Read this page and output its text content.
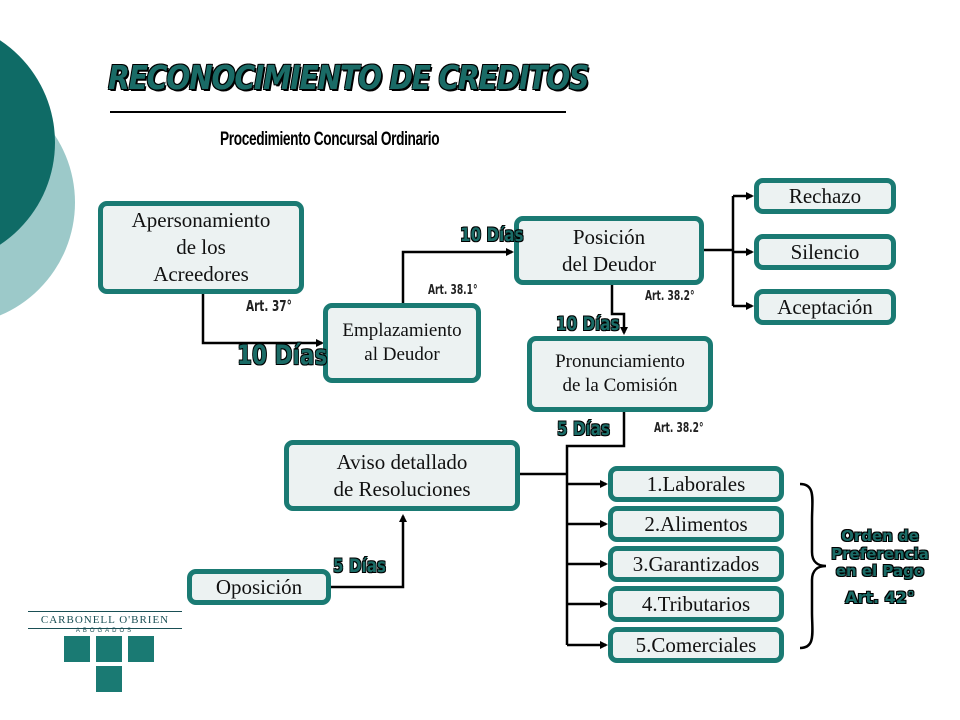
RECONOCIMIENTO DE CREDITOS
Procedimiento Concursal Ordinario
Apersonamiento
de los
Acreedores
Emplazamiento
al Deudor
Posición
del Deudor
Pronunciamiento
de la Comisión
Rechazo
Silencio
Aceptación
Aviso detallado
de Resoluciones
Oposición
1.Laborales
2.Alimentos
3.Garantizados
4.Tributarios
5.Comerciales
10 Días
Art. 37°
10 Días
Art. 38.1°
10 Días
Art. 38.2°
5 Días	Art. 38.2°
5 Días
Orden de
Preferencia
en el Pago
Art. 42°
CARBONELL O'BRIEN
ABOGADOS
